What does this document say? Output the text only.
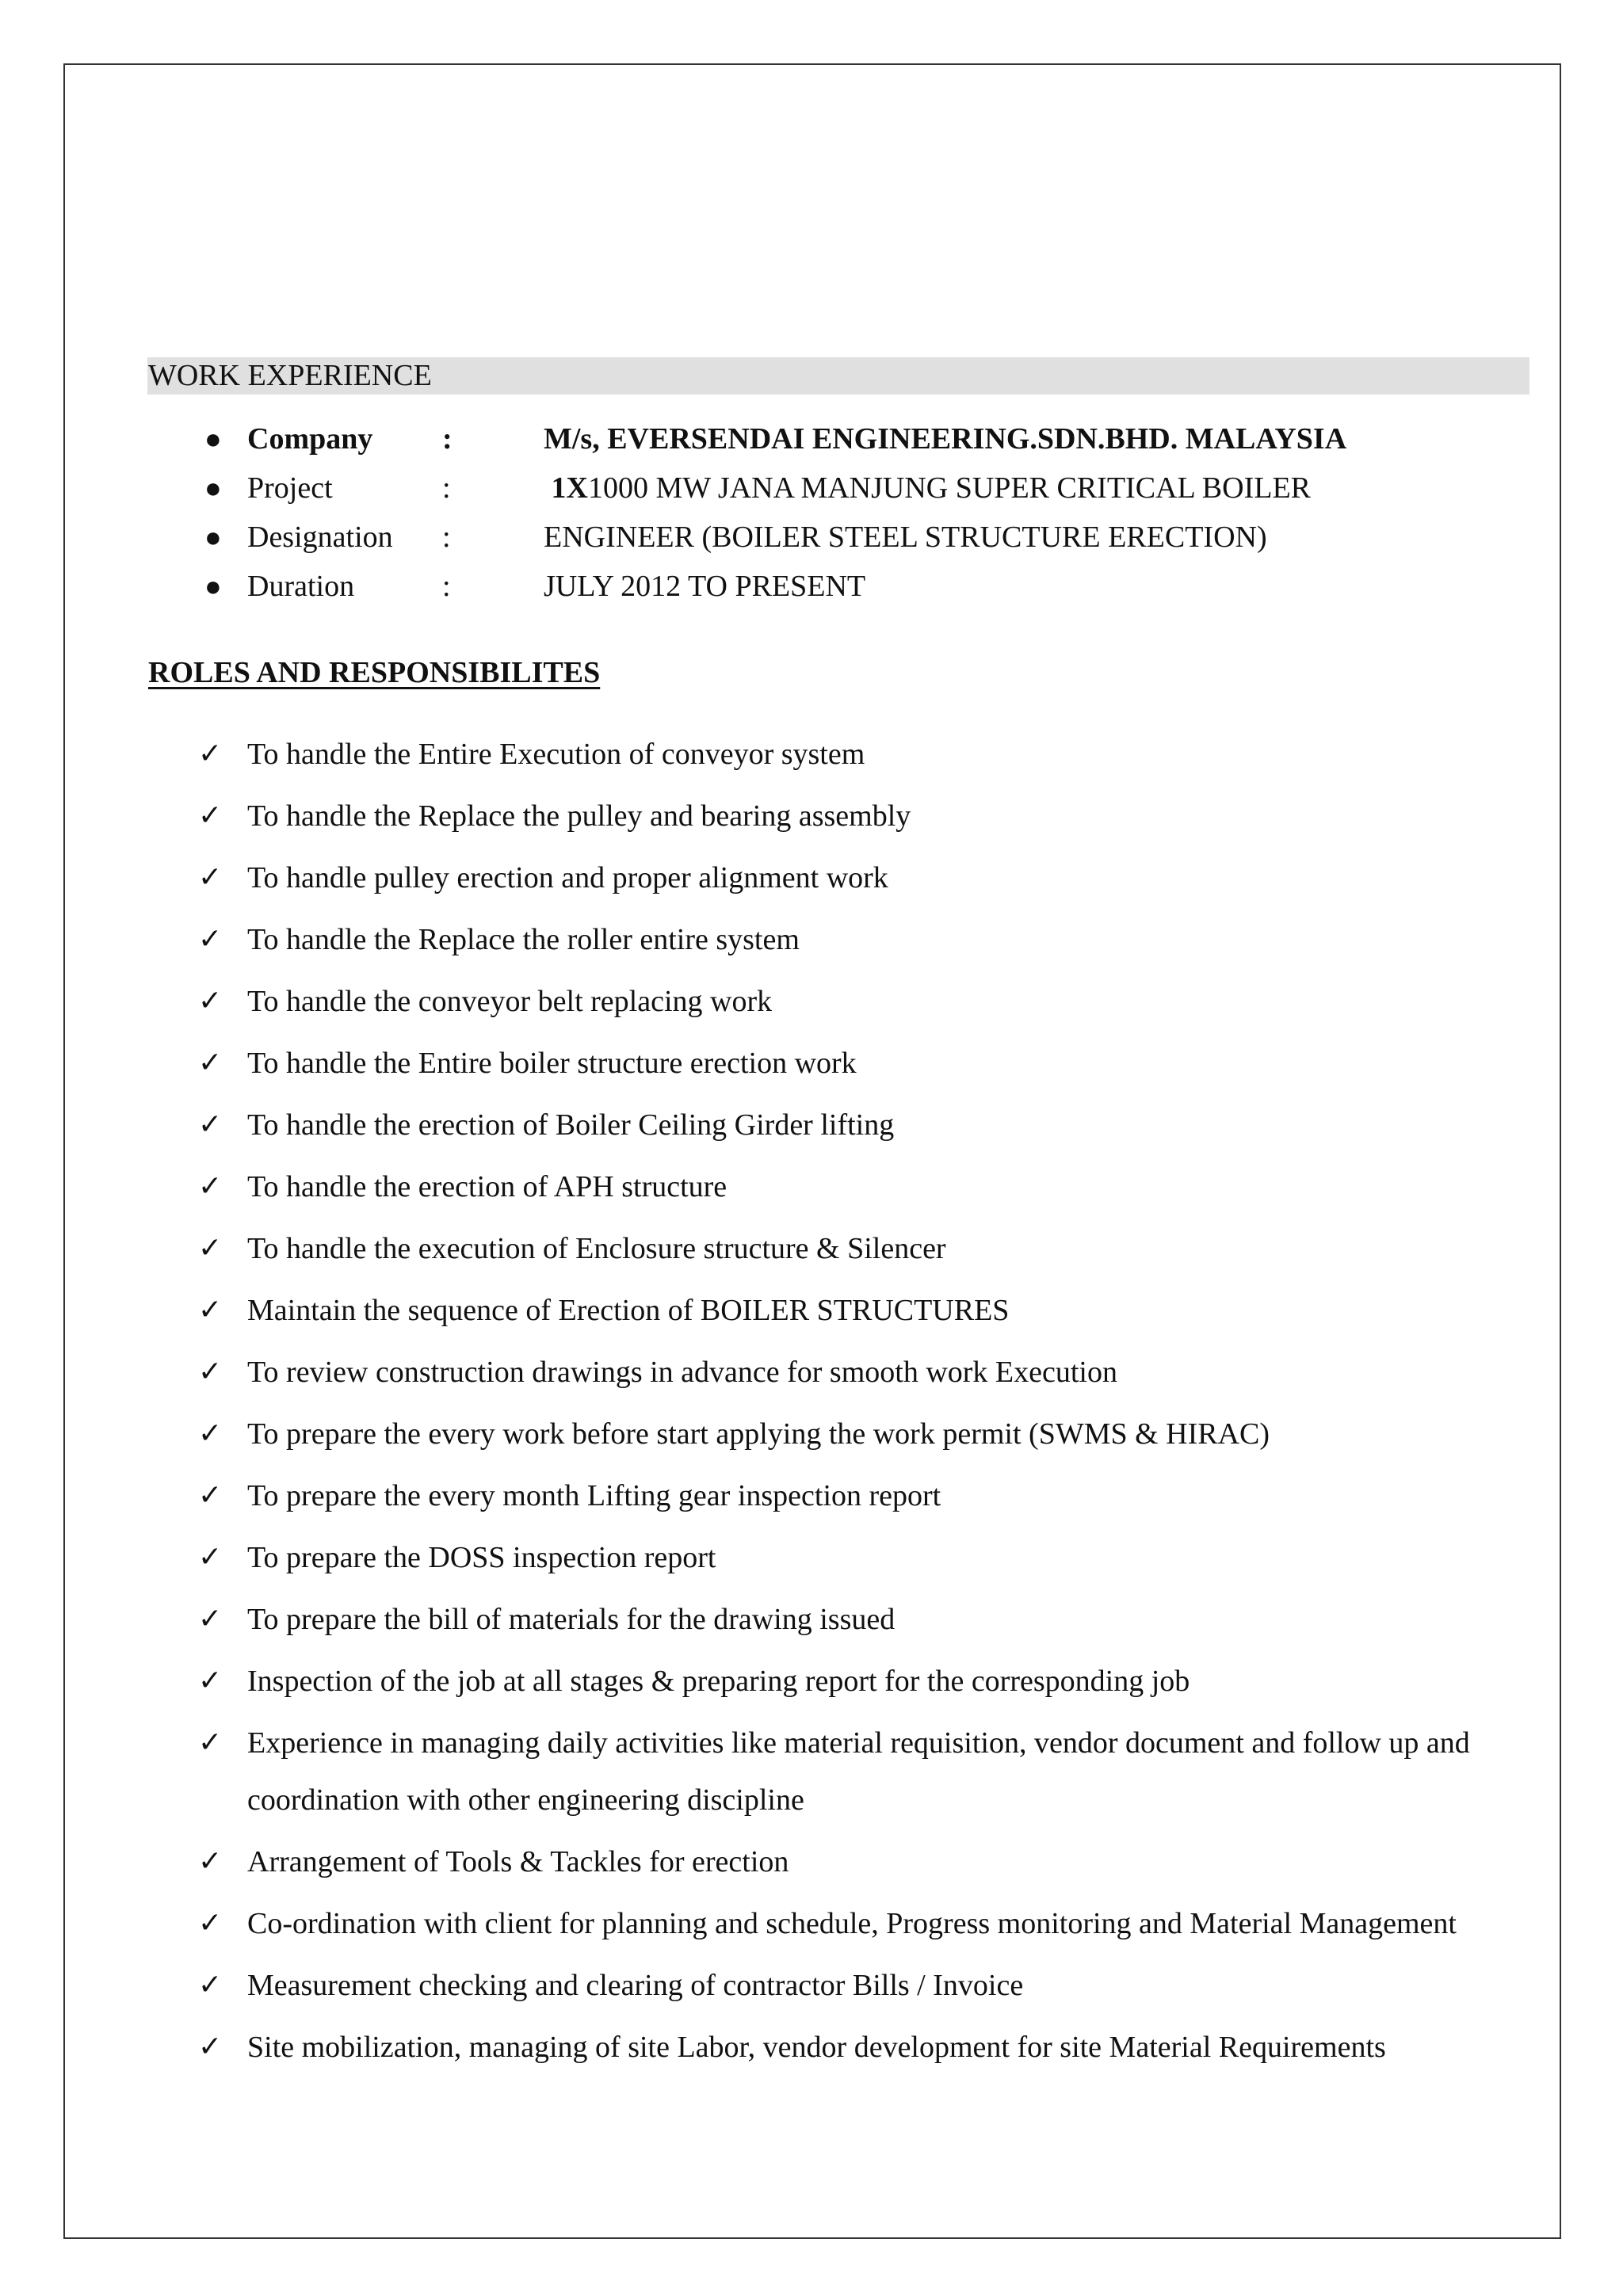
WORK EXPERIENCE
● Company :	M/s, EVERSENDAI ENGINEERING.SDN.BHD. MALAYSIA
● Project	:	1X1000 MW JANA MANJUNG SUPER CRITICAL BOILER
● Designation :	ENGINEER (BOILER STEEL STRUCTURE ERECTION)
● Duration	:	JULY 2012 TO PRESENT
ROLES AND RESPONSIBILITES
✓ To handle the Entire Execution of conveyor system
✓ To handle the Replace the pulley and bearing assembly
✓ To handle pulley erection and proper alignment work
✓ To handle the Replace the roller entire system
✓ To handle the conveyor belt replacing work
✓ To handle the Entire boiler structure erection work
✓ To handle the erection of Boiler Ceiling Girder lifting
✓ To handle the erection of APH structure
✓ To handle the execution of Enclosure structure & Silencer
✓ Maintain the sequence of Erection of BOILER STRUCTURES
✓ To review construction drawings in advance for smooth work Execution
✓ To prepare the every work before start applying the work permit (SWMS & HIRAC)
✓ To prepare the every month Lifting gear inspection report
✓ To prepare the DOSS inspection report
✓ To prepare the bill of materials for the drawing issued
✓ Inspection of the job at all stages & preparing report for the corresponding job
✓ Experience in managing daily activities like material requisition, vendor document and follow up and coordination with other engineering discipline
✓ Arrangement of Tools & Tackles for erection
✓ Co-ordination with client for planning and schedule, Progress monitoring and Material Management
✓ Measurement checking and clearing of contractor Bills / Invoice
✓ Site mobilization, managing of site Labor, vendor development for site Material Requirements
